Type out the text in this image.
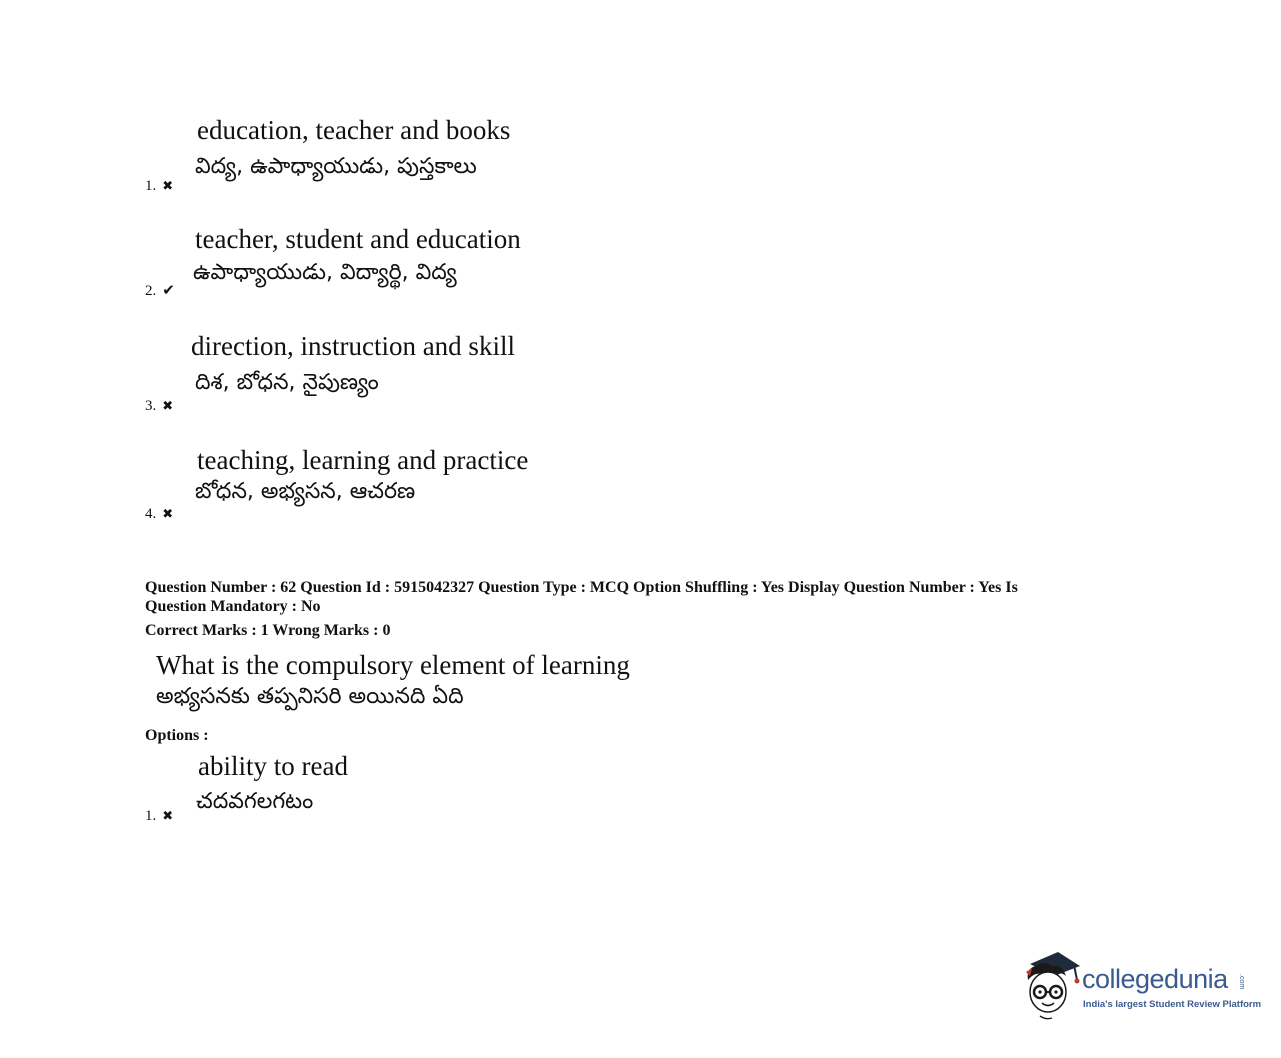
education, teacher and books
విద్య, ఉపాధ్యాయుడు, పుస్తకాలు
1. ✖
teacher, student and education
ఉపాధ్యాయుడు, విద్యార్థి, విద్య
2. ✔
direction, instruction and skill
దిశ, బోధన, నైపుణ్యం
3. ✖
teaching, learning and practice
బోధన, అభ్యసన, ఆచరణ
4. ✖
Question Number : 62 Question Id : 5915042327 Question Type : MCQ Option Shuffling : Yes Display Question Number : Yes Is
Question Mandatory : No
Correct Marks : 1 Wrong Marks : 0
What is the compulsory element of learning
అభ్యసనకు తప్పనిసరి అయినది ఏది
Options :
ability to read
చదవగలగటం
1. ✖
collegedunia .com
India's largest Student Review Platform
